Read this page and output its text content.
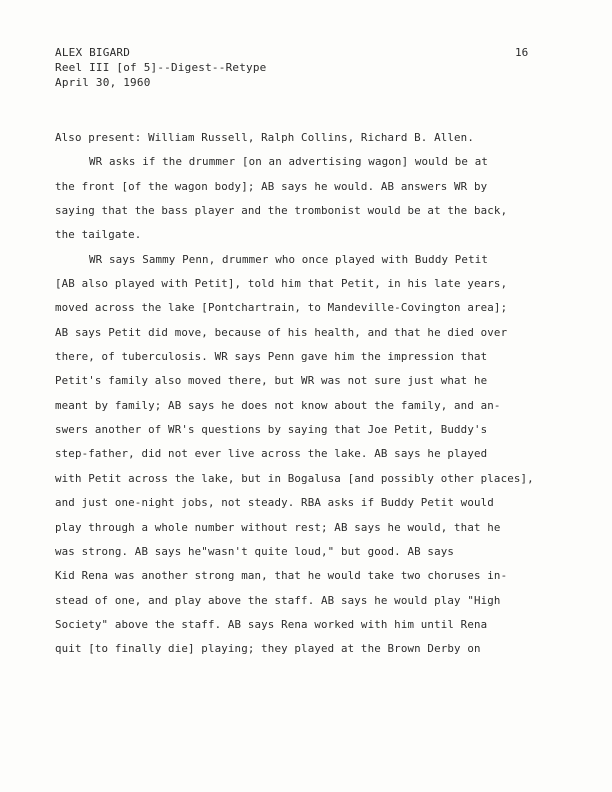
ALEX BIGARD
Reel III [of 5]--Digest--Retype
April 30, 1960
16
Also present: William Russell, Ralph Collins, Richard B. Allen.
WR asks if the drummer [on an advertising wagon] would be at
the front [of the wagon body]; AB says he would. AB answers WR by
saying that the bass player and the trombonist would be at the back,
the tailgate.
WR says Sammy Penn, drummer who once played with Buddy Petit
[AB also played with Petit], told him that Petit, in his late years,
moved across the lake [Pontchartrain, to Mandeville-Covington area];
AB says Petit did move, because of his health, and that he died over
there, of tuberculosis. WR says Penn gave him the impression that
Petit's family also moved there, but WR was not sure just what he
meant by family; AB says he does not know about the family, and an-
swers another of WR's questions by saying that Joe Petit, Buddy's
step-father, did not ever live across the lake. AB says he played
with Petit across the lake, but in Bogalusa [and possibly other places],
and just one-night jobs, not steady. RBA asks if Buddy Petit would
play through a whole number without rest; AB says he would, that he
was strong. AB says he"wasn't quite loud," but good. AB says
Kid Rena was another strong man, that he would take two choruses in-
stead of one, and play above the staff. AB says he would play "High
Society" above the staff. AB says Rena worked with him until Rena
quit [to finally die] playing; they played at the Brown Derby on
